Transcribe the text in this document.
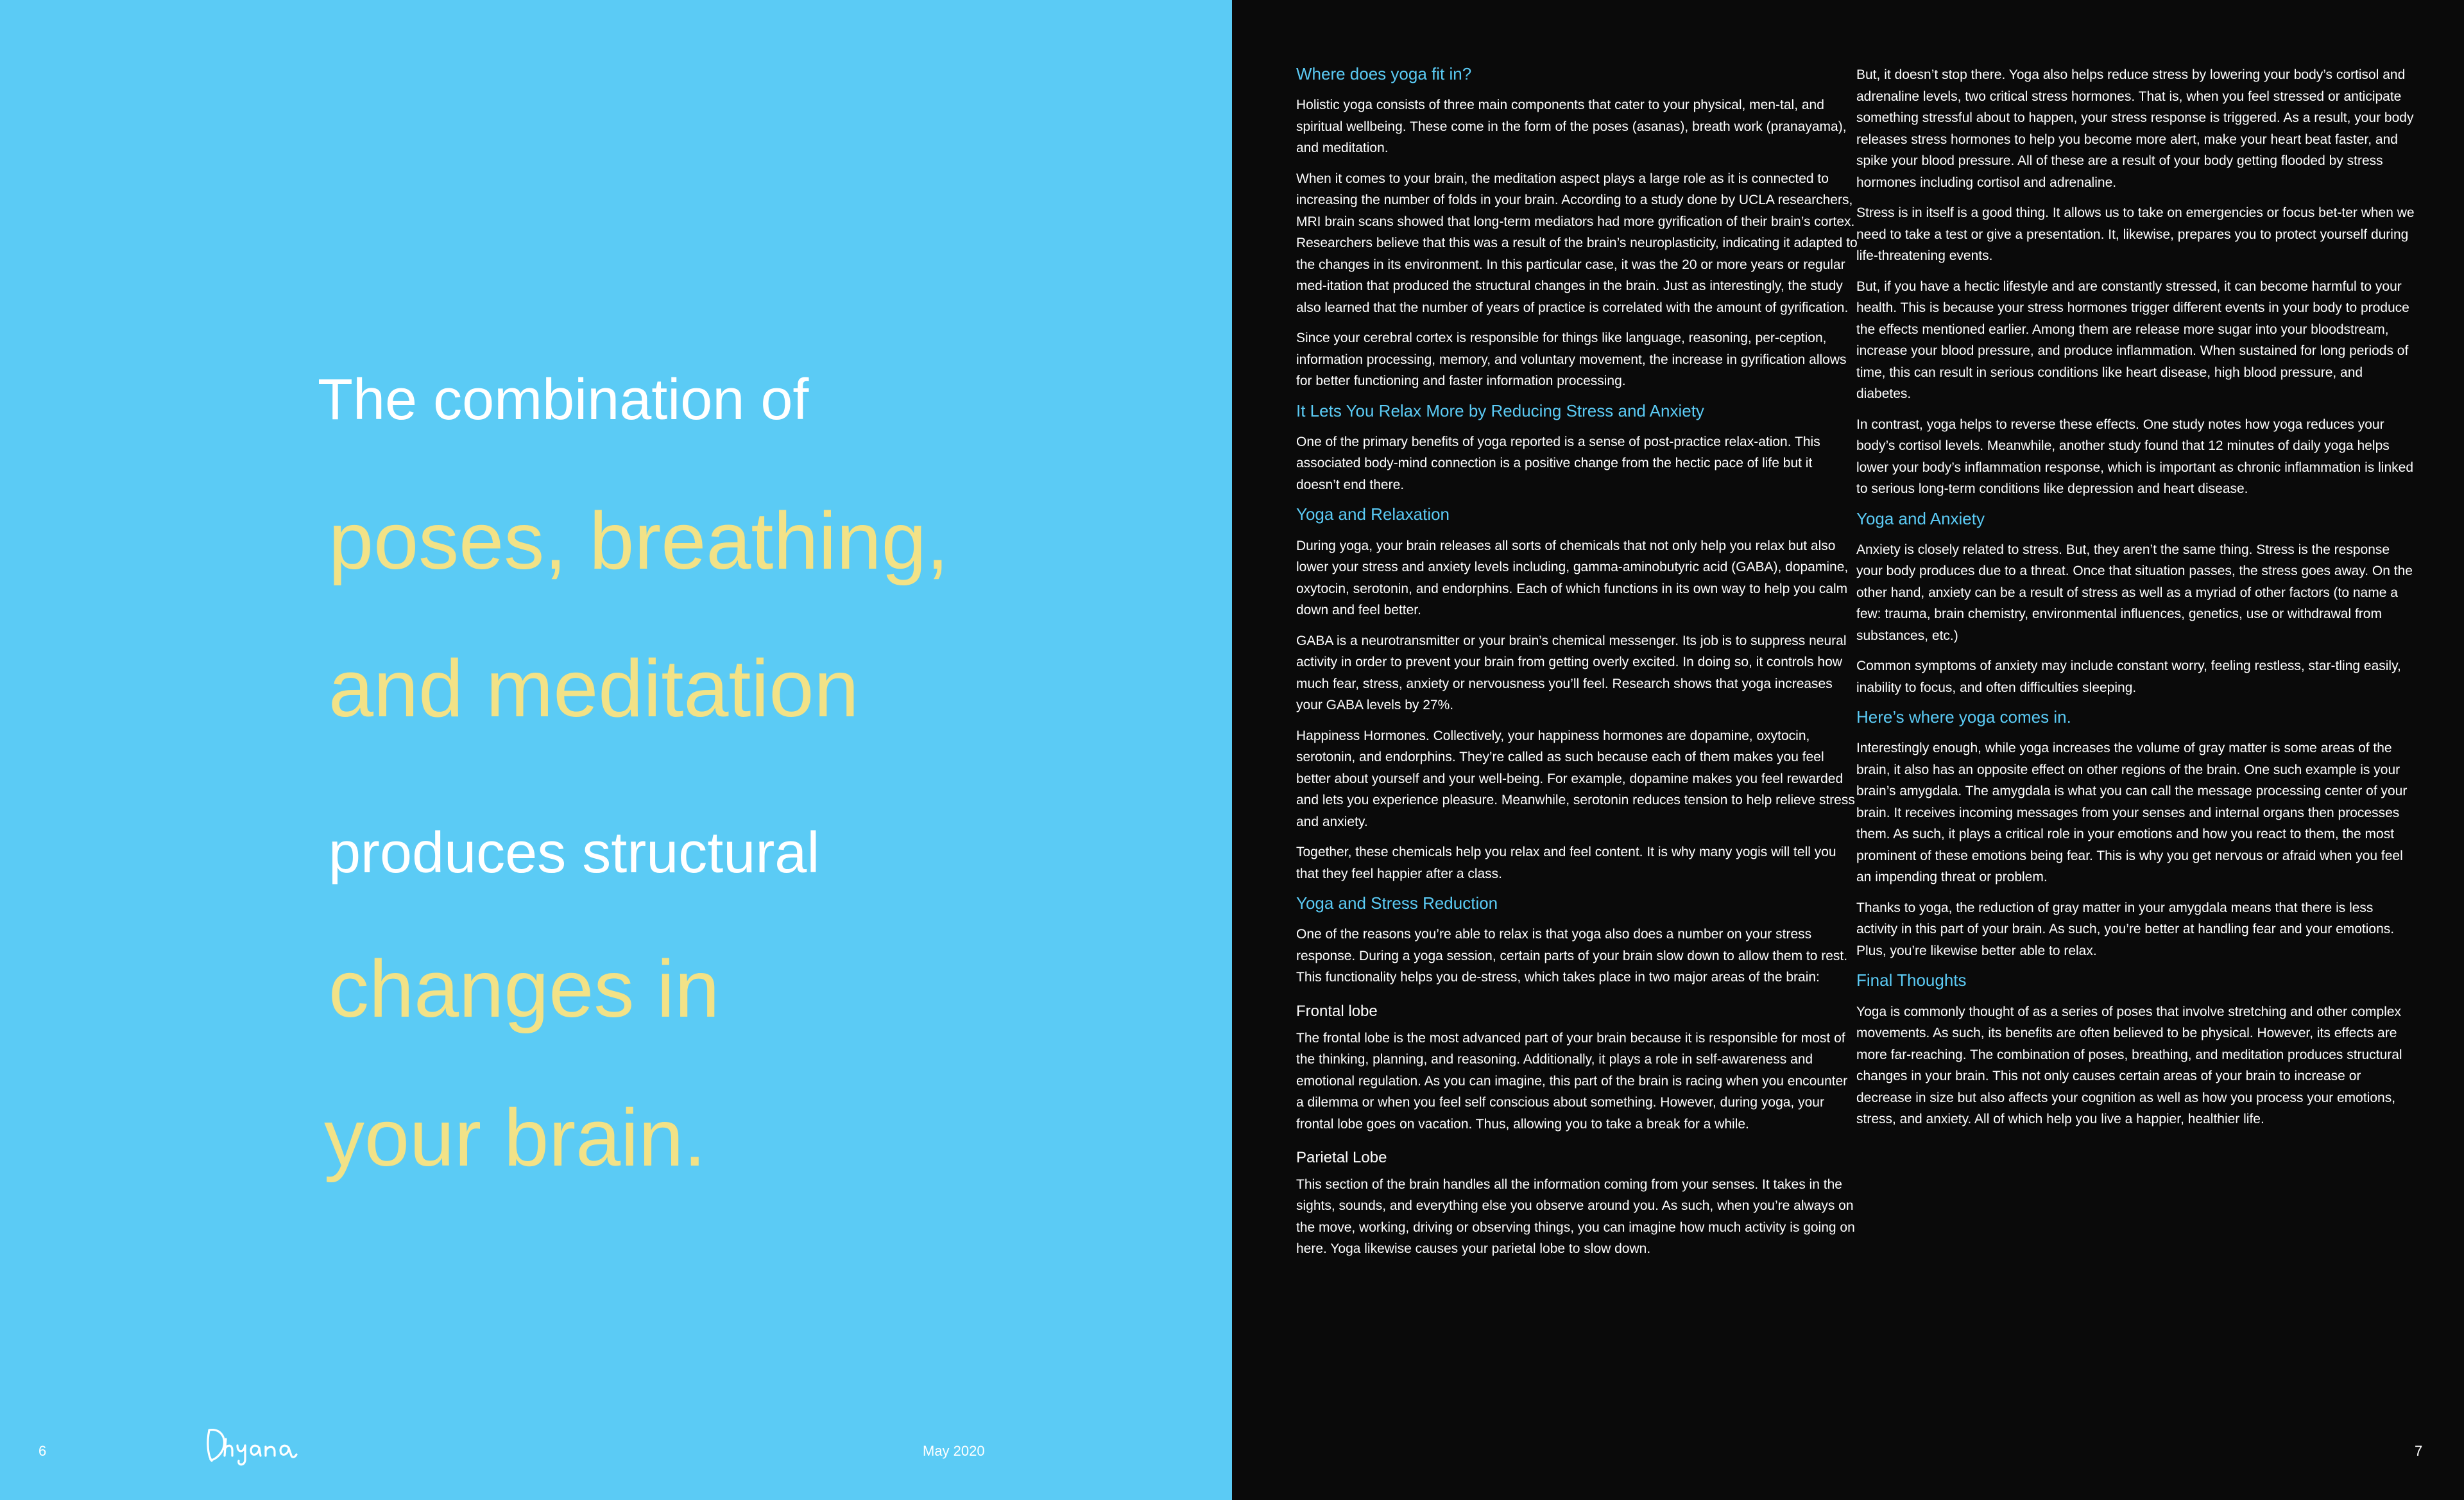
The combination of
poses, breathing,
and meditation
produces structural
changes in
your brain.
6	May 2020	7
Where does yoga fit in?

Holistic yoga consists of three main components that cater to your physical, men-tal, and spiritual wellbeing. These come in the form of the poses (asanas), breath work (pranayama), and meditation.

When it comes to your brain, the meditation aspect plays a large role as it is connected to increasing the number of folds in your brain. According to a study done by UCLA researchers, MRI brain scans showed that long-term mediators had more gyrification of their brain’s cortex. Researchers believe that this was a result of the brain’s neuroplasticity, indicating it adapted to the changes in its environment. In this particular case, it was the 20 or more years or regular med-itation that produced the structural changes in the brain. Just as interestingly, the study also learned that the number of years of practice is correlated with the amount of gyrification.

Since your cerebral cortex is responsible for things like language, reasoning, per-ception, information processing, memory, and voluntary movement, the increase in gyrification allows for better functioning and faster information processing.

It Lets You Relax More by Reducing Stress and Anxiety

One of the primary benefits of yoga reported is a sense of post-practice relax-ation. This associated body-mind connection is a positive change from the hectic pace of life but it doesn’t end there.

Yoga and Relaxation

During yoga, your brain releases all sorts of chemicals that not only help you relax but also lower your stress and anxiety levels including, gamma-aminobutyric acid (GABA), dopamine, oxytocin, serotonin, and endorphins. Each of which functions in its own way to help you calm down and feel better.

GABA is a neurotransmitter or your brain’s chemical messenger. Its job is to suppress neural activity in order to prevent your brain from getting overly excited. In doing so, it controls how much fear, stress, anxiety or nervousness you’ll feel. Research shows that yoga increases your GABA levels by 27%.

Happiness Hormones. Collectively, your happiness hormones are dopamine, oxytocin, serotonin, and endorphins. They’re called as such because each of them makes you feel better about yourself and your well-being. For example, dopamine makes you feel rewarded and lets you experience pleasure. Meanwhile, serotonin reduces tension to help relieve stress and anxiety.

Together, these chemicals help you relax and feel content. It is why many yogis will tell you that they feel happier after a class.

Yoga and Stress Reduction

One of the reasons you’re able to relax is that yoga also does a number on your stress response. During a yoga session, certain parts of your brain slow down to allow them to rest. This functionality helps you de-stress, which takes place in two major areas of the brain:

Frontal lobe

The frontal lobe is the most advanced part of your brain because it is responsible for most of the thinking, planning, and reasoning. Additionally, it plays a role in self-awareness and emotional regulation. As you can imagine, this part of the brain is racing when you encounter a dilemma or when you feel self conscious about something. However, during yoga, your frontal lobe goes on vacation. Thus, allowing you to take a break for a while.

Parietal Lobe

This section of the brain handles all the information coming from your senses. It takes in the sights, sounds, and everything else you observe around you. As such, when you’re always on the move, working, driving or observing things, you can imagine how much activity is going on here. Yoga likewise causes your parietal lobe to slow down.

But, it doesn’t stop there. Yoga also helps reduce stress by lowering your body’s cortisol and adrenaline levels, two critical stress hormones. That is, when you feel stressed or anticipate something stressful about to happen, your stress response is triggered. As a result, your body releases stress hormones to help you become more alert, make your heart beat faster, and spike your blood pressure. All of these are a result of your body getting flooded by stress hormones including cortisol and adrenaline.

Stress is in itself is a good thing. It allows us to take on emergencies or focus bet-ter when we need to take a test or give a presentation. It, likewise, prepares you to protect yourself during life-threatening events.

But, if you have a hectic lifestyle and are constantly stressed, it can become harmful to your health. This is because your stress hormones trigger different events in your body to produce the effects mentioned earlier. Among them are release more sugar into your bloodstream, increase your blood pressure, and produce inflammation. When sustained for long periods of time, this can result in serious conditions like heart disease, high blood pressure, and diabetes.

In contrast, yoga helps to reverse these effects. One study notes how yoga reduces your body’s cortisol levels. Meanwhile, another study found that 12 minutes of daily yoga helps lower your body’s inflammation response, which is important as chronic inflammation is linked to serious long-term conditions like depression and heart disease.

Yoga and Anxiety

Anxiety is closely related to stress. But, they aren’t the same thing. Stress is the response your body produces due to a threat. Once that situation passes, the stress goes away. On the other hand, anxiety can be a result of stress as well as a myriad of other factors (to name a few: trauma, brain chemistry, environmental influences, genetics, use or withdrawal from substances, etc.)

Common symptoms of anxiety may include constant worry, feeling restless, star-tling easily, inability to focus, and often difficulties sleeping.

Here’s where yoga comes in.

Interestingly enough, while yoga increases the volume of gray matter is some areas of the brain, it also has an opposite effect on other regions of the brain. One such example is your brain’s amygdala. The amygdala is what you can call the message processing center of your brain. It receives incoming messages from your senses and internal organs then processes them. As such, it plays a critical role in your emotions and how you react to them, the most prominent of these emotions being fear. This is why you get nervous or afraid when you feel an impending threat or problem.

Thanks to yoga, the reduction of gray matter in your amygdala means that there is less activity in this part of your brain. As such, you’re better at handling fear and your emotions. Plus, you’re likewise better able to relax.

Final Thoughts

Yoga is commonly thought of as a series of poses that involve stretching and other complex movements. As such, its benefits are often believed to be physical. However, its effects are more far-reaching. The combination of poses, breathing, and meditation produces structural changes in your brain. This not only causes certain areas of your brain to increase or decrease in size but also affects your cognition as well as how you process your emotions, stress, and anxiety. All of which help you live a happier, healthier life.
